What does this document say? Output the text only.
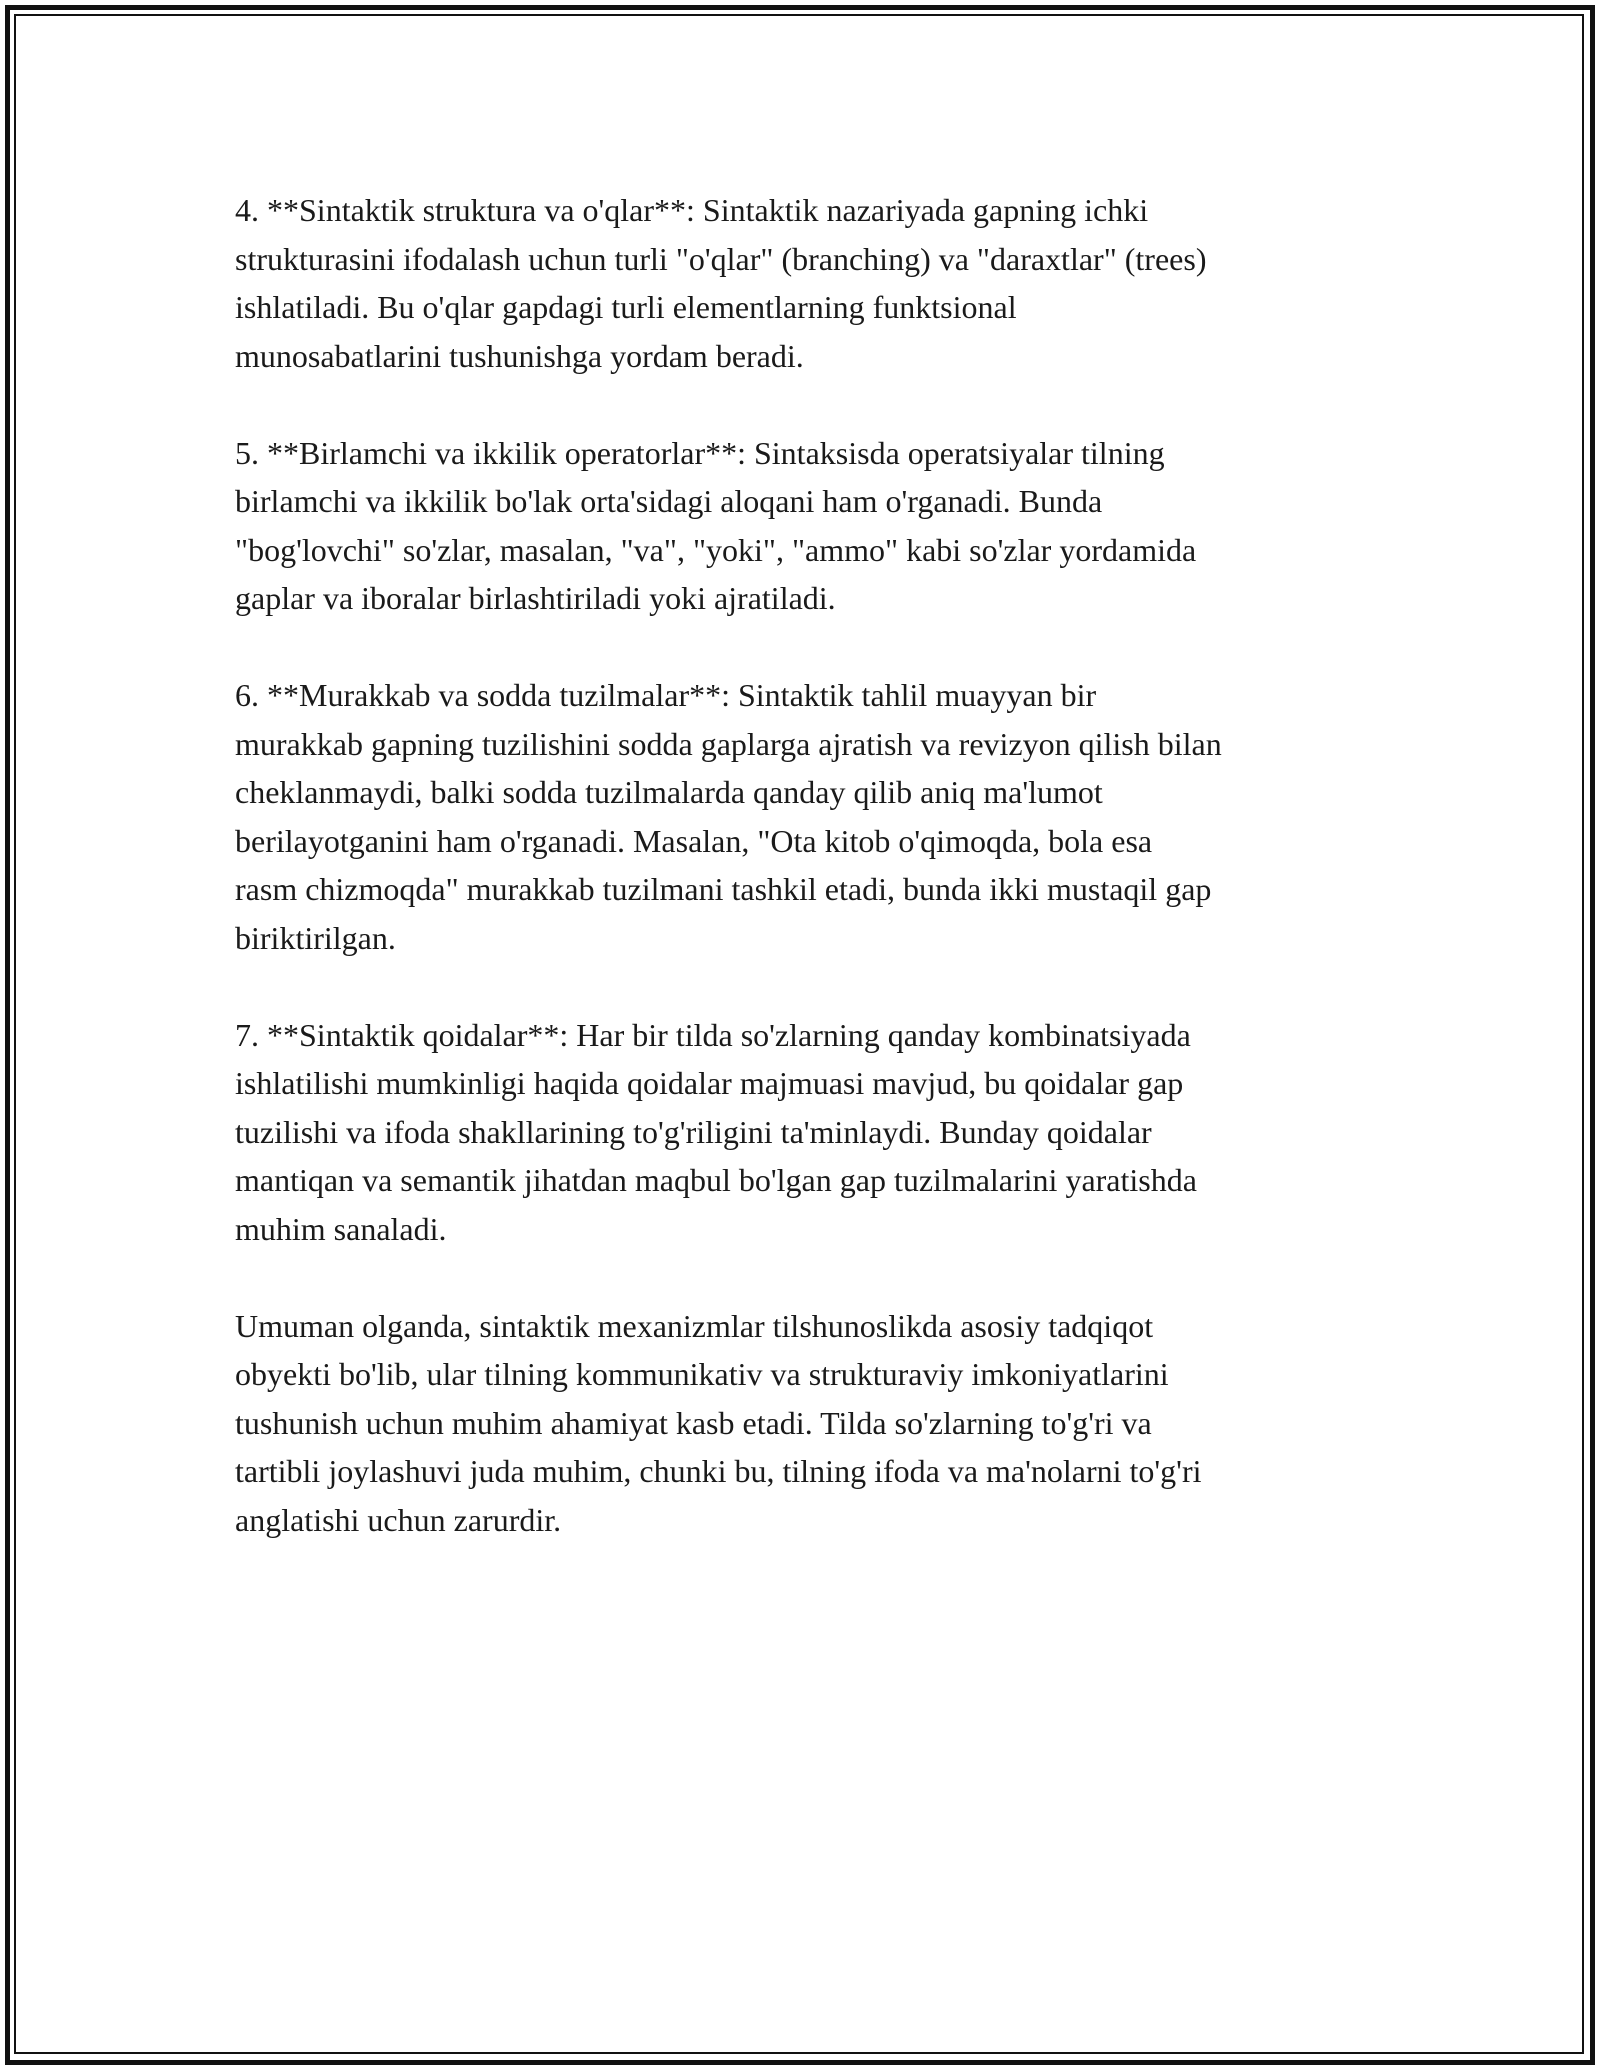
4. **Sintaktik struktura va o'qlar**: Sintaktik nazariyada gapning ichki
strukturasini ifodalash uchun turli "o'qlar" (branching) va "daraxtlar" (trees)
ishlatiladi. Bu o'qlar gapdagi turli elementlarning funktsional
munosabatlarini tushunishga yordam beradi.

5. **Birlamchi va ikkilik operatorlar**: Sintaksisda operatsiyalar tilning
birlamchi va ikkilik bo'lak orta'sidagi aloqani ham o'rganadi. Bunda
"bog'lovchi" so'zlar, masalan, "va", "yoki", "ammo" kabi so'zlar yordamida
gaplar va iboralar birlashtiriladi yoki ajratiladi.

6. **Murakkab va sodda tuzilmalar**: Sintaktik tahlil muayyan bir
murakkab gapning tuzilishini sodda gaplarga ajratish va revizyon qilish bilan
cheklanmaydi, balki sodda tuzilmalarda qanday qilib aniq ma'lumot
berilayotganini ham o'rganadi. Masalan, "Ota kitob o'qimoqda, bola esa
rasm chizmoqda" murakkab tuzilmani tashkil etadi, bunda ikki mustaqil gap
biriktirilgan.

7. **Sintaktik qoidalar**: Har bir tilda so'zlarning qanday kombinatsiyada
ishlatilishi mumkinligi haqida qoidalar majmuasi mavjud, bu qoidalar gap
tuzilishi va ifoda shakllarining to'g'riligini ta'minlaydi. Bunday qoidalar
mantiqan va semantik jihatdan maqbul bo'lgan gap tuzilmalarini yaratishda
muhim sanaladi.

Umuman olganda, sintaktik mexanizmlar tilshunoslikda asosiy tadqiqot
obyekti bo'lib, ular tilning kommunikativ va strukturaviy imkoniyatlarini
tushunish uchun muhim ahamiyat kasb etadi. Tilda so'zlarning to'g'ri va
tartibli joylashuvi juda muhim, chunki bu, tilning ifoda va ma'nolarni to'g'ri
anglatishi uchun zarurdir.
